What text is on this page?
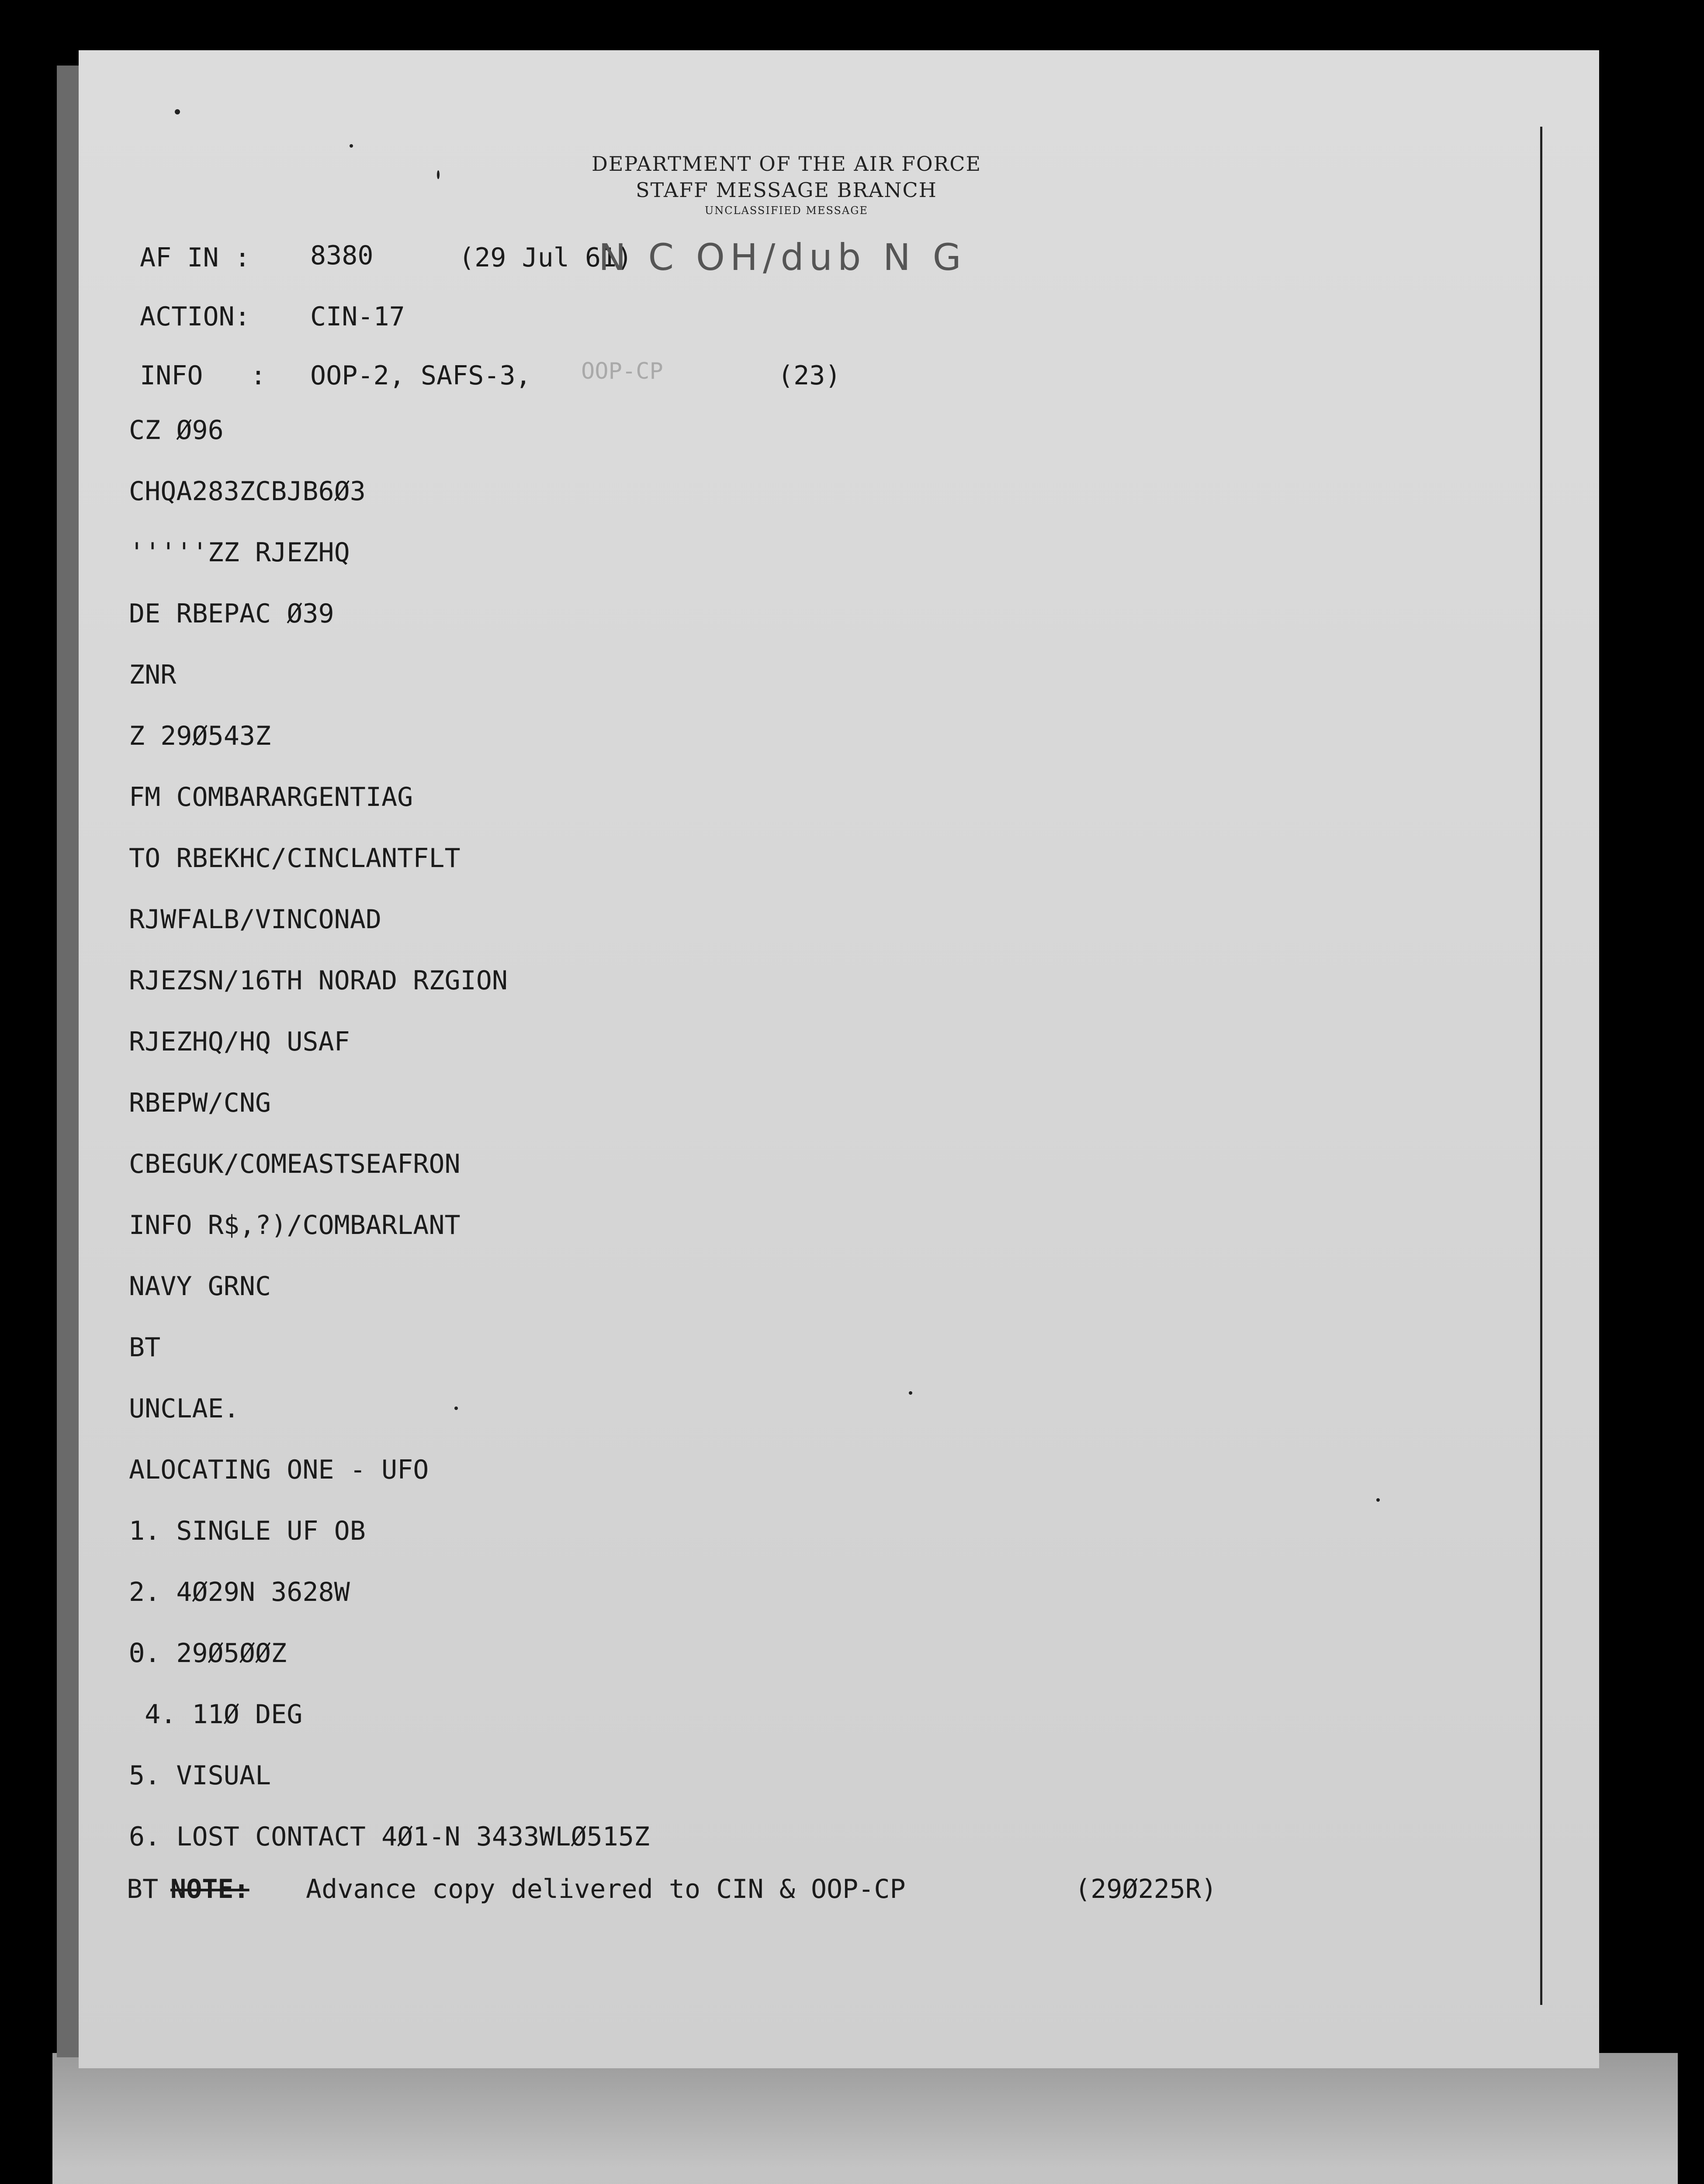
DEPARTMENT OF THE AIR FORCE
STAFF MESSAGE BRANCH
UNCLASSIFIED MESSAGE
AF IN : 8380	(29 Jul 61)
N C OH/dub N G
ACTION: CIN-17
INFO   : OOP-2, SAFS-3, OOP-CP	(23)
CZ Ø96
CHQA283ZCBJB6Ø3
'''''ZZ RJEZHQ
DE RBEPAC Ø39
ZNR
Z 29Ø543Z
FM COMBARARGENTIAG
TO RBEKHC/CINCLANTFLT
RJWFALB/VINCONAD
RJEZSN/16TH NORAD RZGION
RJEZHQ/HQ USAF
RBEPW/CNG
CBEGUK/COMEASTSEAFRON
INFO R$,?)/COMBARLANT
NAVY GRNC
BT
UNCLAE.
ALOCATING ONE - UFO
1. SINGLE UF OB
2. 4Ø29N 3628W
Θ. 29Ø5ØØZ
4. 11Ø DEG
5. VISUAL
6. LOST CONTACT 4Ø1-N 3433WLØ515Z
BT NOTE: Advance copy delivered to CIN & OOP-CP	(29Ø225R)
